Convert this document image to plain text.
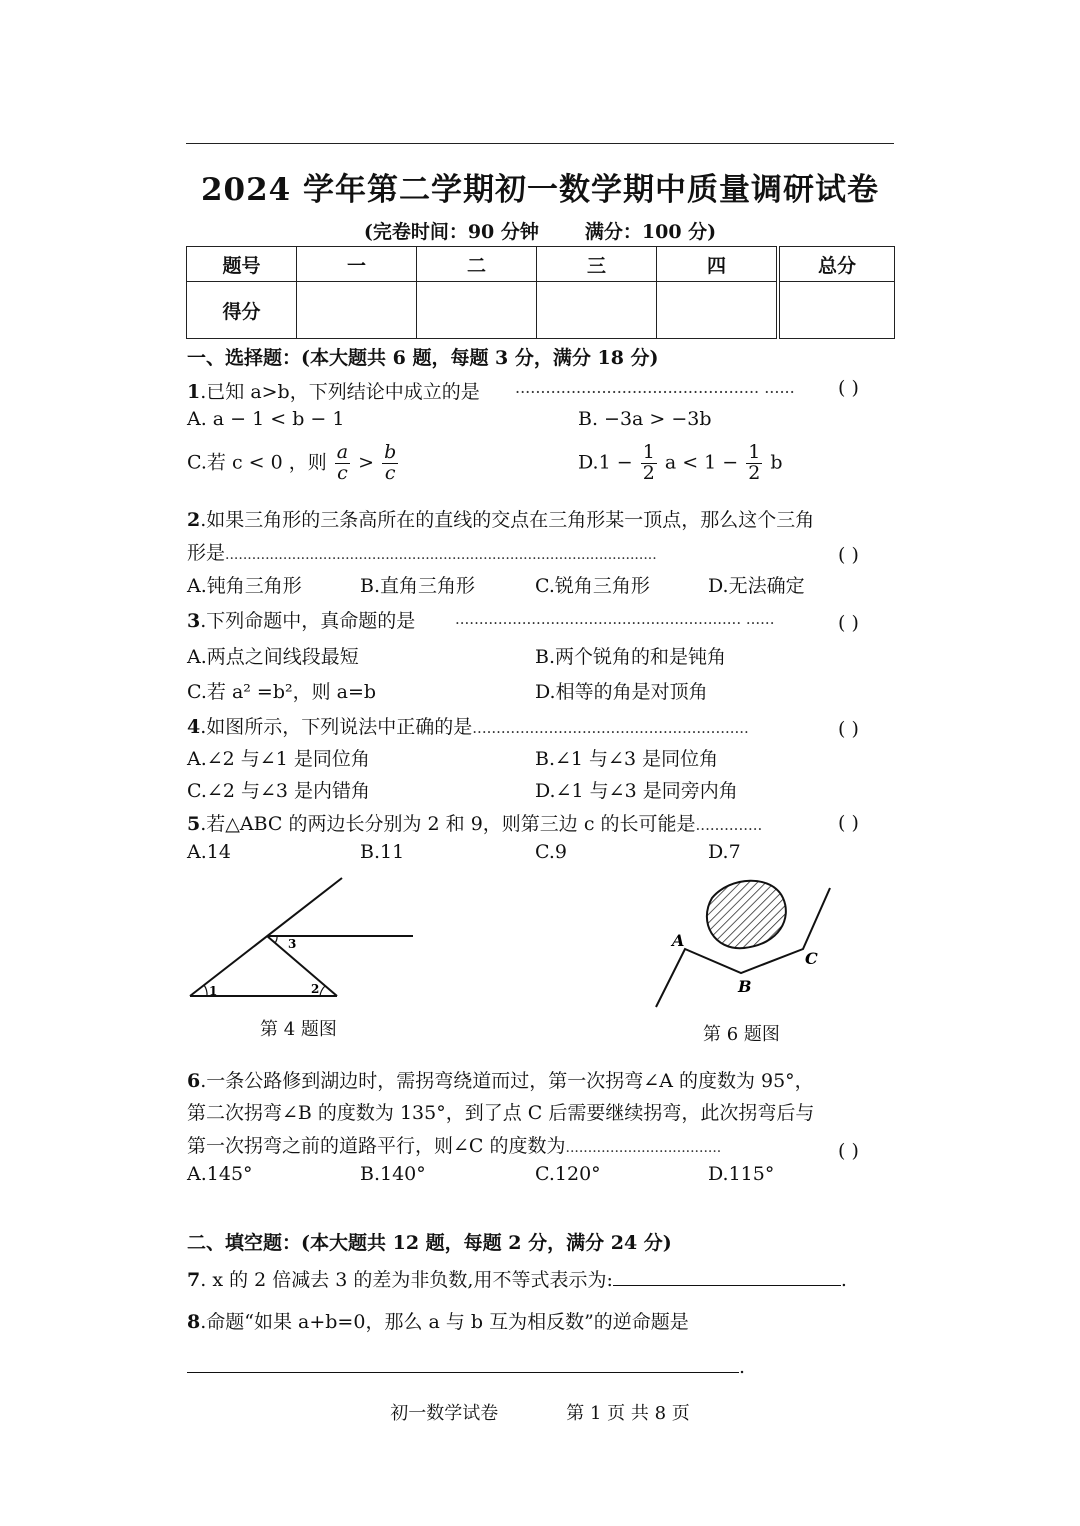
2024 学年第二学期初一数学期中质量调研试卷
(完卷时间：90 分钟 满分：100 分)
题号	一	二	三	四	总分
得分					
一、选择题：(本大题共 6 题，每题 3 分，满分 18 分)
1.已知 a>b，下列结论中成立的是 ................................................ ...... ( )
A. a − 1 < b − 1	B. −3a > −3b
C.若 c < 0 ，则 $\frac{a}{c} > \frac{b}{c}$	$D.1 - \frac{1}{2}$ $a < 1 - \frac{1}{2}$ b
2.如果三角形的三条高所在的直线的交点在三角形某一顶点，那么这个三角
形是.................................................................................................	( )
A.钝角三角形	B.直角三角形	C.锐角三角形	D.无法确定
3.下列命题中，真命题的是	............................................................ ......	( )
A.两点之间线段最短	B.两个锐角的和是钝角
C.若 a² =b²，则 a=b	D.相等的角是对顶角
4.如图所示，下列说法中正确的是..........................................................	( )
A.∠2 与∠1 是同位角	B.∠1 与∠3 是同位角
C.∠2 与∠3 是内错角	D.∠1 与∠3 是同旁内角
5.若△ABC 的两边长分别为 2 和 9，则第三边 c 的长可能是..............	( )
A.14	B.11	C.9	D.7
1	2
3
第 4 题图
A
B
C
第 6 题图
6.一条公路修到湖边时，需拐弯绕道而过，第一次拐弯∠A 的度数为 95°，
第二次拐弯∠B 的度数为 135°，到了点 C 后需要继续拐弯，此次拐弯后与
第一次拐弯之前的道路平行，则∠C 的度数为...................................	( )
A.145°	B.140°	C.120°	D.115°
二、填空题：(本大题共 12 题，每题 2 分，满分 24 分)
7. x 的 2 倍减去 3 的差为非负数,用不等式表示为:	.
8.命题“如果 a+b=0，那么 a 与 b 互为相反数”的逆命题是
.
初一数学试卷	第 1 页 共 8 页
